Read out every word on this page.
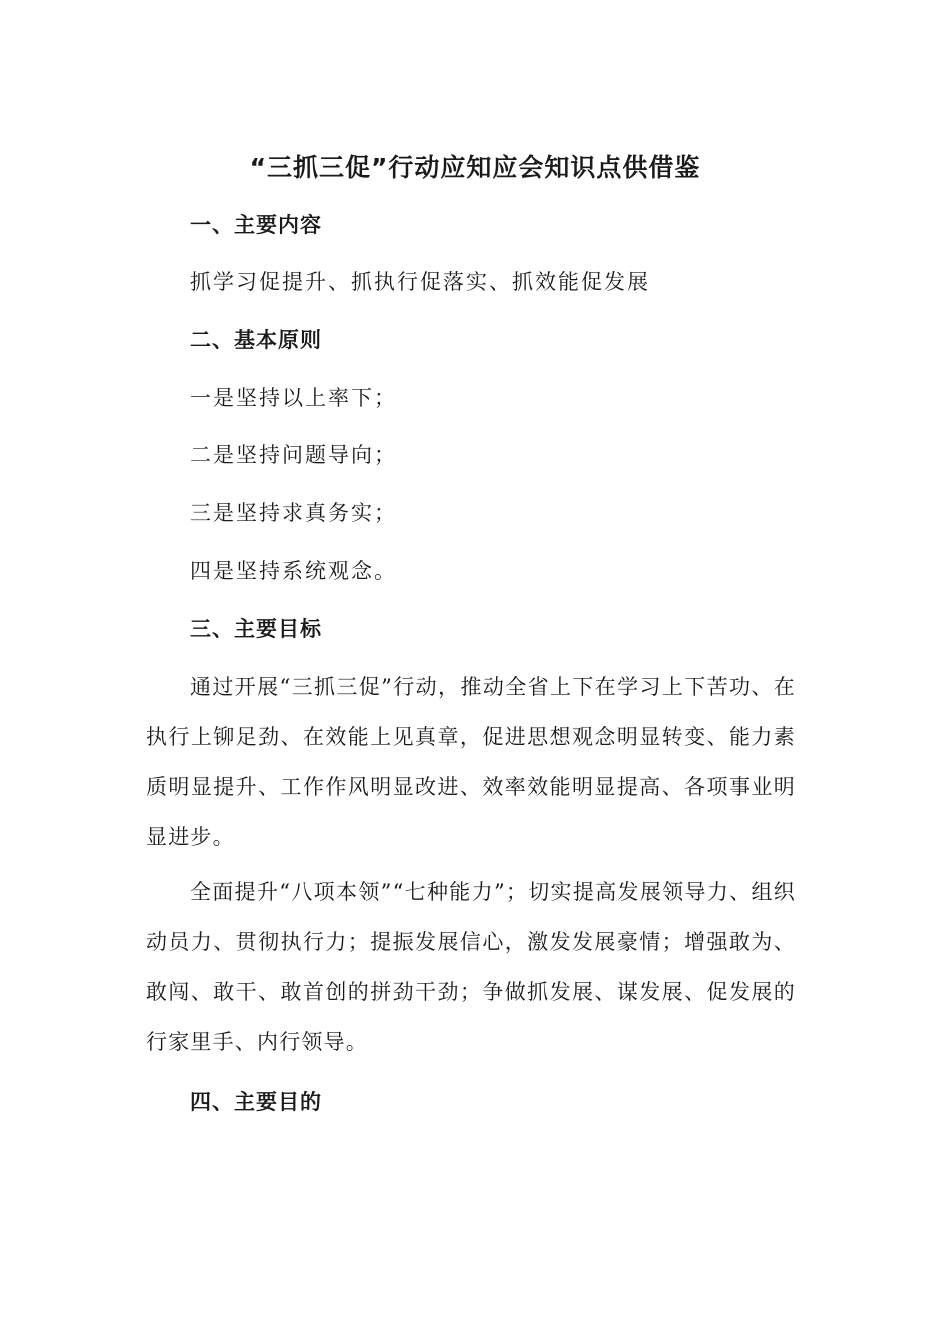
“三抓三促”行动应知应会知识点供借鉴
一、主要内容

抓学习促提升、抓执行促落实、抓效能促发展

二、基本原则

一是坚持以上率下；

二是坚持问题导向；

三是坚持求真务实；

四是坚持系统观念。

三、主要目标

通过开展“三抓三促”行动，推动全省上下在学习上下苦功、在执行上铆足劲、在效能上见真章，促进思想观念明显转变、能力素质明显提升、工作作风明显改进、效率效能明显提高、各项事业明显进步。

全面提升“八项本领”“七种能力”；切实提高发展领导力、组织动员力、贯彻执行力；提振发展信心，激发发展豪情；增强敢为、敢闯、敢干、敢首创的拼劲干劲；争做抓发展、谋发展、促发展的行家里手、内行领导。

四、主要目的
